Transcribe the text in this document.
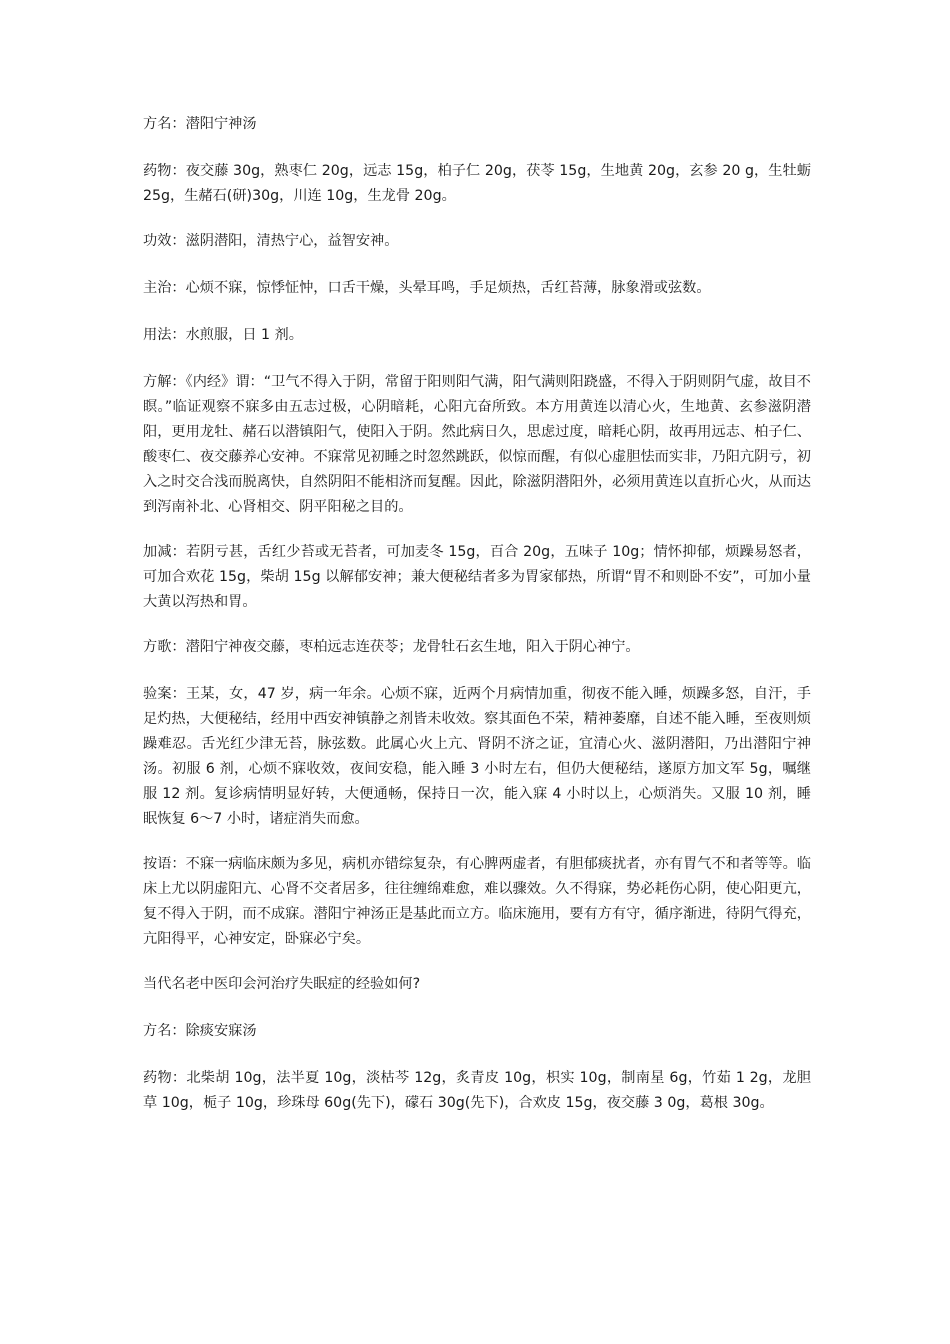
方名：潜阳宁神汤

药物：夜交藤 30g，熟枣仁 20g，远志 15g，柏子仁 20g，茯苓 15g，生地黄 20g，玄参 20 g，生牡蛎 25g，生赭石(研)30g，川连 10g，生龙骨 20g。

功效：滋阴潜阳，清热宁心，益智安神。

主治：心烦不寐，惊悸怔忡，口舌干燥，头晕耳鸣，手足烦热，舌红苔薄，脉象滑或弦数。

用法：水煎服，日 1 剂。

方解：《内经》谓：“卫气不得入于阴，常留于阳则阳气满，阳气满则阳跷盛，不得入于阴则阴气虚，故目不瞑。”临证观察不寐多由五志过极，心阴暗耗，心阳亢奋所致。本方用黄连以清心火，生地黄、玄参滋阴潜阳，更用龙牡、赭石以潜镇阳气，使阳入于阴。然此病日久，思虑过度，暗耗心阴，故再用远志、柏子仁、酸枣仁、夜交藤养心安神。不寐常见初睡之时忽然跳跃，似惊而醒，有似心虚胆怯而实非，乃阳亢阴亏，初入之时交合浅而脱离快，自然阴阳不能相济而复醒。因此，除滋阴潜阳外，必须用黄连以直折心火，从而达到泻南补北、心肾相交、阴平阳秘之目的。

加减：若阴亏甚，舌红少苔或无苔者，可加麦冬 15g，百合 20g，五味子 10g；情怀抑郁，烦躁易怒者，可加合欢花 15g，柴胡 15g 以解郁安神；兼大便秘结者多为胃家郁热，所谓“胃不和则卧不安”，可加小量大黄以泻热和胃。

方歌：潜阳宁神夜交藤，枣柏远志连茯苓；龙骨牡石玄生地，阳入于阴心神宁。

验案：王某，女，47 岁，病一年余。心烦不寐，近两个月病情加重，彻夜不能入睡，烦躁多怒，自汗，手足灼热，大便秘结，经用中西安神镇静之剂皆未收效。察其面色不荣，精神萎靡，自述不能入睡，至夜则烦躁难忍。舌光红少津无苔，脉弦数。此属心火上亢、肾阴不济之证，宜清心火、滋阴潜阳，乃出潜阳宁神汤。初服 6 剂，心烦不寐收效，夜间安稳，能入睡 3 小时左右，但仍大便秘结，遂原方加文军 5g，嘱继服 12 剂。复诊病情明显好转，大便通畅，保持日一次，能入寐 4 小时以上，心烦消失。又服 10 剂，睡眠恢复 6～7 小时，诸症消失而愈。

按语：不寐一病临床颇为多见，病机亦错综复杂，有心脾两虚者，有胆郁痰扰者，亦有胃气不和者等等。临床上尤以阴虚阳亢、心肾不交者居多，往往缠绵难愈，难以骤效。久不得寐，势必耗伤心阴，使心阳更亢，复不得入于阴，而不成寐。潜阳宁神汤正是基此而立方。临床施用，要有方有守，循序渐进，待阴气得充，亢阳得平，心神安定，卧寐必宁矣。

当代名老中医印会河治疗失眠症的经验如何?

方名：除痰安寐汤

药物：北柴胡 10g，法半夏 10g，淡枯芩 12g，炙青皮 10g，枳实 10g，制南星 6g，竹茹 1 2g，龙胆草 10g，栀子 10g，珍珠母 60g(先下)，礞石 30g(先下)，合欢皮 15g，夜交藤 3 0g，葛根 30g。
